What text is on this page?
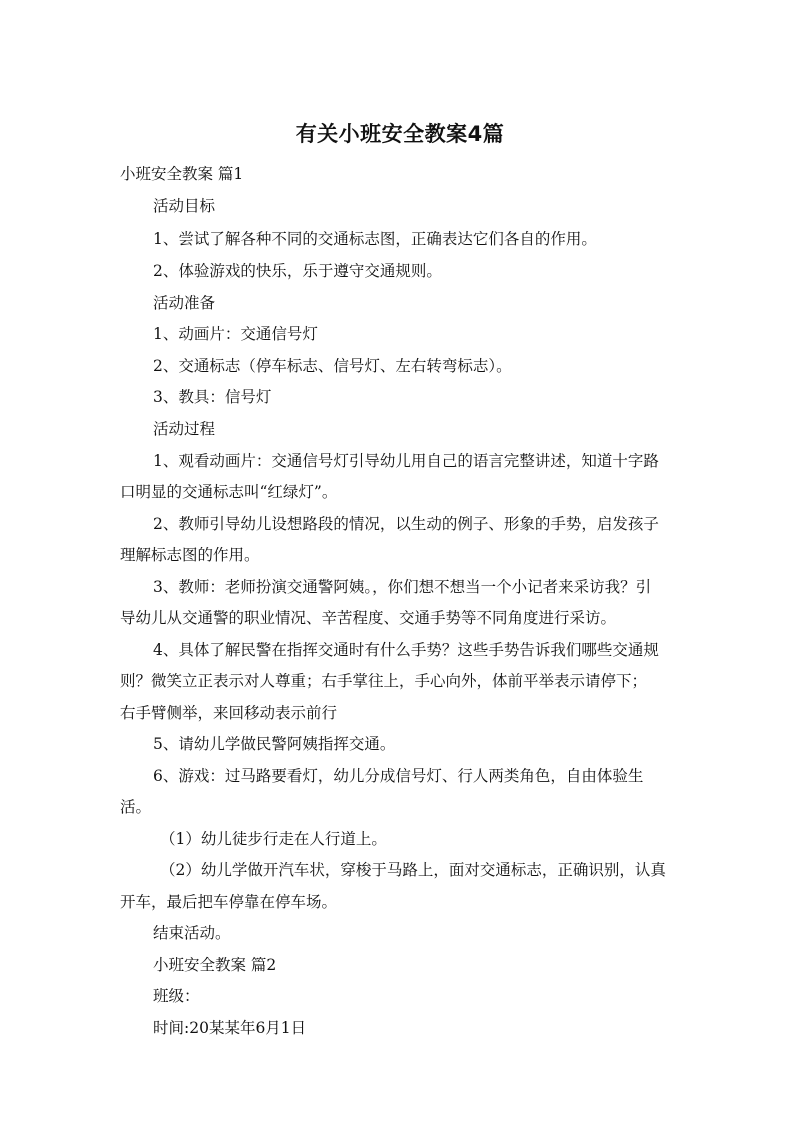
有关小班安全教案4篇
小班安全教案 篇1
活动目标
1、尝试了解各种不同的交通标志图，正确表达它们各自的作用。
2、体验游戏的快乐，乐于遵守交通规则。
活动准备
1、动画片：交通信号灯
2、交通标志（停车标志、信号灯、左右转弯标志）。
3、教具：信号灯
活动过程
1、观看动画片：交通信号灯引导幼儿用自己的语言完整讲述，知道十字路
口明显的交通标志叫“红绿灯”。
2、教师引导幼儿设想路段的情况，以生动的例子、形象的手势，启发孩子
理解标志图的作用。
3、教师：老师扮演交通警阿姨。，你们想不想当一个小记者来采访我？引
导幼儿从交通警的职业情况、辛苦程度、交通手势等不同角度进行采访。
4、具体了解民警在指挥交通时有什么手势？这些手势告诉我们哪些交通规
则？微笑立正表示对人尊重；右手掌往上，手心向外，体前平举表示请停下；
右手臂侧举，来回移动表示前行
5、请幼儿学做民警阿姨指挥交通。
6、游戏：过马路要看灯，幼儿分成信号灯、行人两类角色，自由体验生
活。
（1）幼儿徒步行走在人行道上。
（2）幼儿学做开汽车状，穿梭于马路上，面对交通标志，正确识别，认真
开车，最后把车停靠在停车场。
结束活动。
小班安全教案 篇2
班级：
时间:20某某年6月1日
